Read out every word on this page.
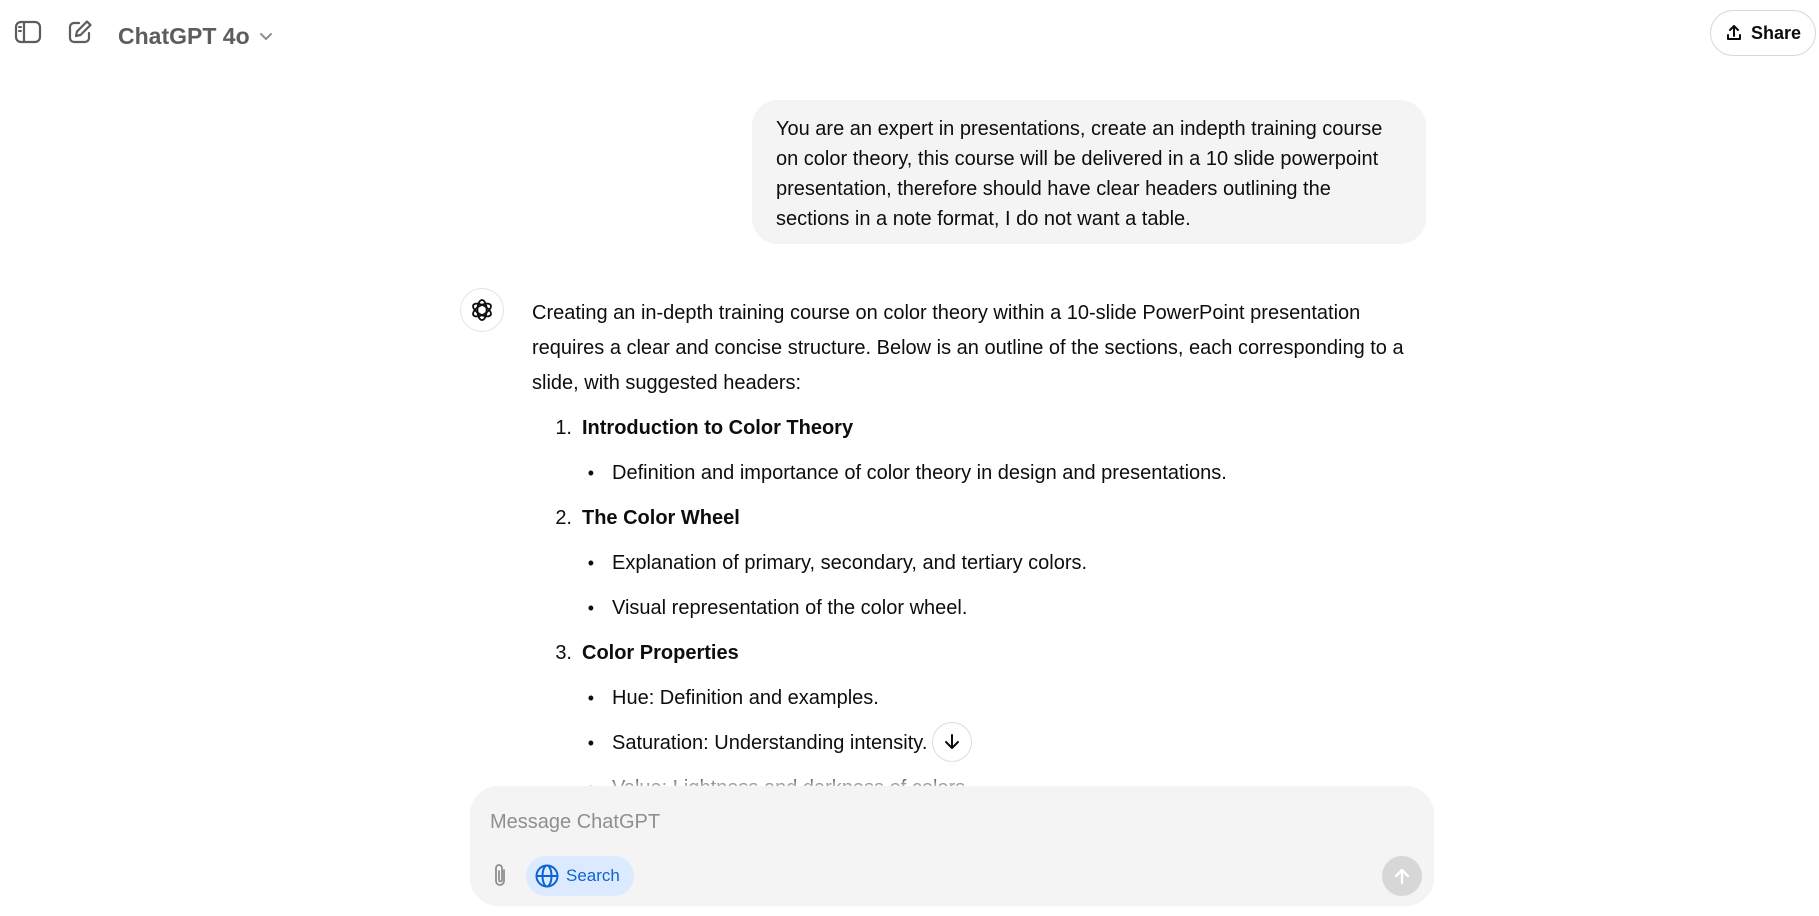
ChatGPT 4o	Share
You are an expert in presentations, create an indepth training course on color theory, this course will be delivered in a 10 slide powerpoint presentation, therefore should have clear headers outlining the sections in a note format, I do not want a table.

Creating an in-depth training course on color theory within a 10-slide PowerPoint presentation requires a clear and concise structure. Below is an outline of the sections, each corresponding to a slide, with suggested headers:

1. Introduction to Color Theory
• Definition and importance of color theory in design and presentations.
2. The Color Wheel
• Explanation of primary, secondary, and tertiary colors.
• Visual representation of the color wheel.
3. Color Properties
• Hue: Definition and examples.
• Saturation: Understanding intensity.
Message ChatGPT
Search
